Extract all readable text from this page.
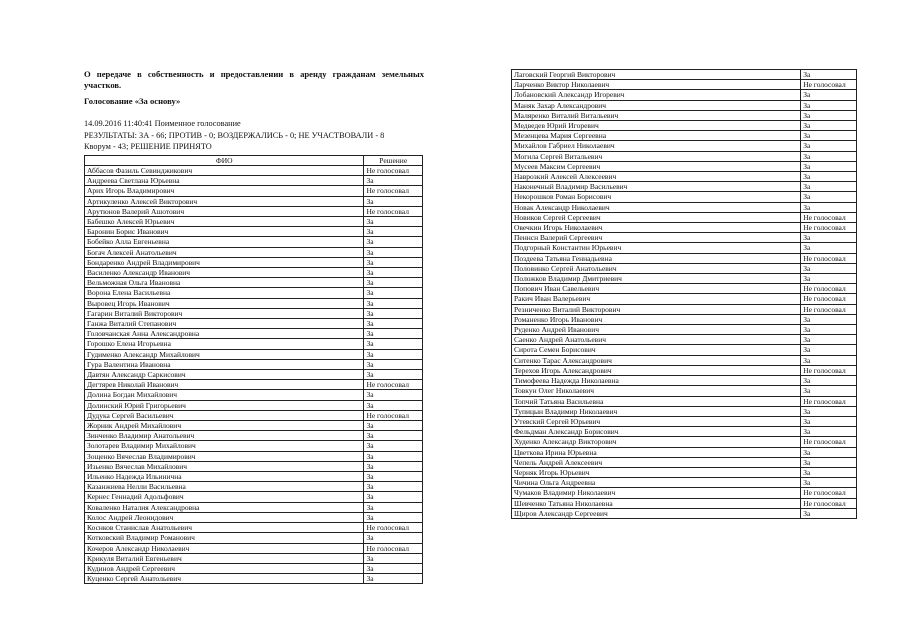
О передаче в собственность и предоставлении в аренду гражданам земельных участков.

Голосование «За основу»

14.09.2016 11:40:41 Поименное голосование
РЕЗУЛЬТАТЫ: ЗА - 66; ПРОТИВ - 0; ВОЗДЕРЖАЛИСЬ - 0; НЕ УЧАСТВОВАЛИ - 8
Кворум - 43; РЕШЕНИЕ ПРИНЯТО
ФИО	Решение
Аббасов Фазиль Севинджикович	Не голосовал
Андреева Светлана Юрьевна	За
Арих Игорь Владимирович	Не голосовал
Артикуленко Алексей Викторович	За
Арутюнов Валерий Ашотович	Не голосовал
Бабешко Алексей Юрьевич	За
Баронин Борис Иванович	За
Бобейко Алла Евгеньевна	За
Богач Алексей Анатольевич	За
Бондаренко Андрей Владимирович	За
Василенко Александр Иванович	За
Вельможная Ольга Ивановна	За
Ворона Елена Васильевна	За
Выровец Игорь Иванович	За
Гагарин Виталий Викторович	За
Ганжа Виталий Степанович	За
Головчанская Анна Александровна	За
Горошко Елена Игорьевна	За
Гудименко Александр Михайлович	За
Гура Валентина Ивановна	За
Давтян Александр Саркисович	За
Дегтярев Николай Иванович	Не голосовал
Долина Богдан Михайлович	За
Долинский Юрий Григорьевич	За
Дудука Сергей Васильевич	Не голосовал
Жорник Андрей Михайлович	За
Зинченко Владимир Анатольевич	За
Золотарев Владимир Михайлович	За
Зощенко Вячеслав Владимирович	За
Изьенко Вячеслав Михайлович	За
Ильенко Надежда Ильинична	За
Казанжиева Нелли Васильевна	За
Кернес Геннадий Адольфович	За
Коваленко Наталия Александровна	За
Колос Андрей Леонидович	За
Коснков Станислав Анатольевич	Не голосовал
Котковский Владимир Романович	За
Кочеров Александр Николаевич	Не голосовал
Крикуля Виталий Евгеньевич	За
Кудинов Андрей Сергеевич	За
Куценко Сергей Анатольевич	За
Лаговский Георгий Викторович	За
Ларченко Виктор Николаевич	Не голосовал
Лобановский Александр Игоревич	За
Маняк Захар Александрович	За
Маляренко Виталий Витальевич	За
Медведев Юрий Игоревич	За
Мезенцева Мария Сергеевна	За
Михайлов Габриел Николаевич	За
Могила Сергей Витальевич	За
Мусеев Максим Сергеевич	За
Наврозкий Алексей Алексеевич	За
Наконечный Владимир Васильевич	За
Некорошков Роман Борисович	За
Новак Александр Николаевич	За
Новиков Сергей Сергеевич	Не голосовал
Овечкин Игорь Николаевич	Не голосовал
Пеннсн Валерий Сергеевич	За
Подгорный Константин Юрьевич	За
Поздеева Татьяна Геннадьевна	Не голосовал
Половинко Сергей Анатольевич	За
Положков Владимир Дмитриевич	За
Попович Иван Савельевич	Не голосовал
Ракич Иван Валерьевич	Не голосовал
Резниченко Виталий Викторович	Не голосовал
Романенко Игорь Иванович	За
Руденко Андрей Иванович	За
Саенко Андрей Анатольевич	За
Сирота Семен Борисович	За
Ситенко Тарас Александрович	За
Терехов Игорь Александрович	Не голосовал
Тимофеева Надежда Николаевна	За
Товкун Олег Николаевич	За
Топчий Татьяна Васильевна	Не голосовал
Тупицын Владимир Николаевич	За
Утевский Сергей Юрьевич	За
Фельдман Александр Борисович	За
Худенко Александр Викторович	Не голосовал
Цветкова Ирина Юрьевна	За
Чепель Андрей Алексеевич	За
Черняк Игорь Юрьевич	За
Чичина Ольга Андреевна	За
Чумаков Владимир Николаевич	Не голосовал
Шевченко Татьяна Николаевна	Не голосовал
Щиров Александр Сергеевич	За
